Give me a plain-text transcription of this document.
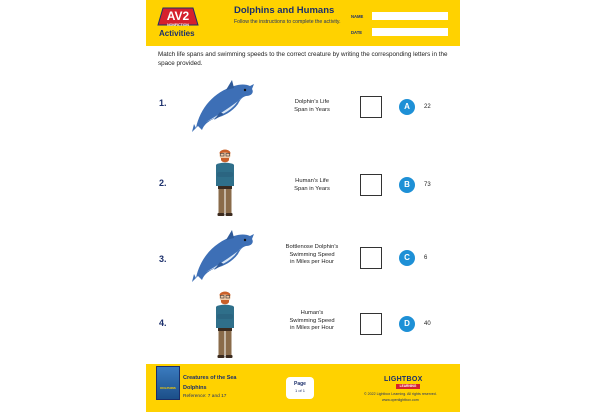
AV2
NONFICTION
Activities
Dolphins and Humans
Follow the instructions to complete the activity.
NAME
DATE
Match life spans and swimming speeds to the correct creature by writing the corresponding letters in the space provided.
1.	Dolphin's Life
Span in Years	A	22
2.	Human's Life
Span in Years	B	73
3.
Bottlenose Dolphin's
Swimming Speed
in Miles per Hour	C	6
4.
Human's
Swimming Speed
in Miles per Hour	D	40
DOLPHINS
Creatures of the Sea
Dolphins
Reference: 7 and 17
Page
1 of 1
LIGHTBOX
LEARNING
© 2022 Lightbox Learning. All rights reserved.
www.openlightbox.com
